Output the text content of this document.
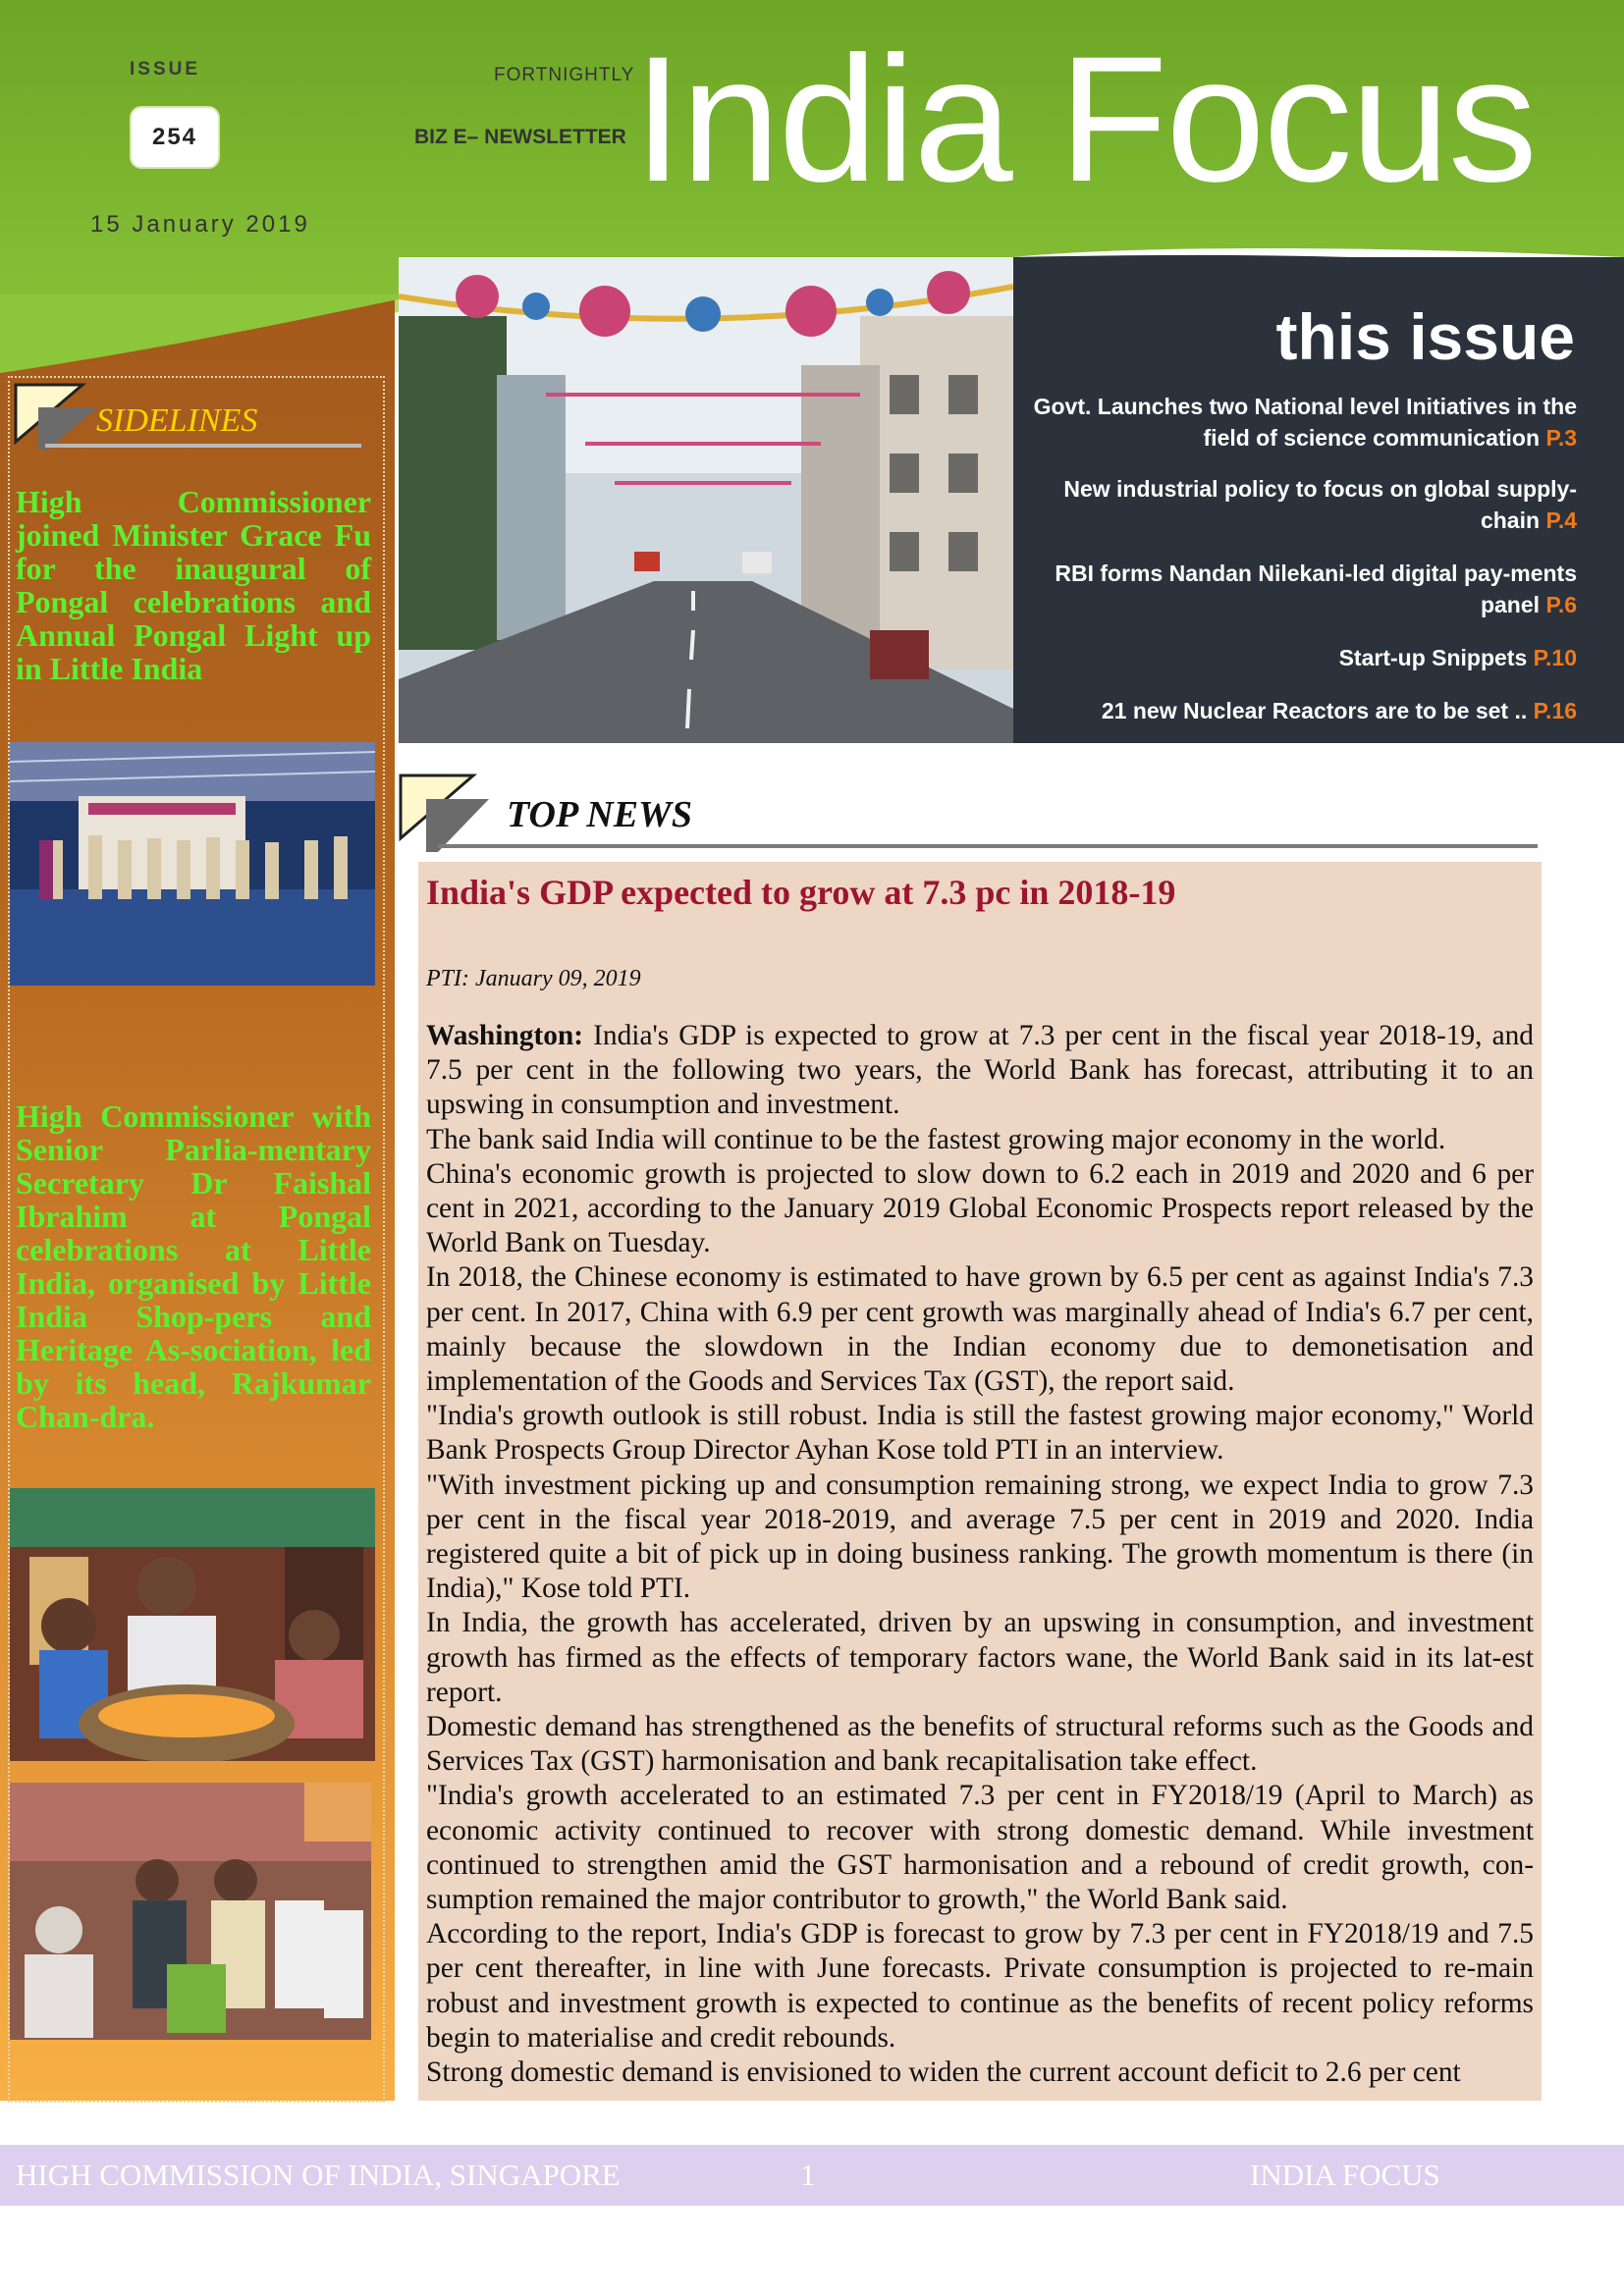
ISSUE
254
15 January 2019
FORTNIGHTLY
BIZ E– NEWSLETTER India Focus
SIDELINES
High Commissioner joined Minister Grace Fu for the inaugural of Pongal celebrations and Annual Pongal Light up in Little India
High Commissioner with Senior Parlia-mentary Secretary Dr Faishal Ibrahim at Pongal celebrations at Little India, organised by Little India Shop-pers and Heritage As-sociation, led by its head, Rajkumar Chan-dra.
this issue
Govt. Launches two National level Initiatives in the field of science communication P.3
New industrial policy to focus on global supply-chain P.4
RBI forms Nandan Nilekani-led digital pay-ments panel P.6
Start-up Snippets P.10
21 new Nuclear Reactors are to be set .. P.16
TOP NEWS
India's GDP expected to grow at 7.3 pc in 2018-19
PTI: January 09, 2019

Washington: India's GDP is expected to grow at 7.3 per cent in the fiscal year 2018-19, and 7.5 per cent in the following two years, the World Bank has forecast, attributing it to an upswing in consumption and investment.

The bank said India will continue to be the fastest growing major economy in the world.

China's economic growth is projected to slow down to 6.2 each in 2019 and 2020 and 6 per cent in 2021, according to the January 2019 Global Economic Prospects report released by the World Bank on Tuesday.

In 2018, the Chinese economy is estimated to have grown by 6.5 per cent as against India's 7.3 per cent. In 2017, China with 6.9 per cent growth was marginally ahead of India's 6.7 per cent, mainly because the slowdown in the Indian economy due to demonetisation and implementation of the Goods and Services Tax (GST), the report said.

"India's growth outlook is still robust. India is still the fastest growing major economy," World Bank Prospects Group Director Ayhan Kose told PTI in an interview.

"With investment picking up and consumption remaining strong, we expect India to grow 7.3 per cent in the fiscal year 2018-2019, and average 7.5 per cent in 2019 and 2020. India registered quite a bit of pick up in doing business ranking. The growth momentum is there (in India)," Kose told PTI.

In India, the growth has accelerated, driven by an upswing in consumption, and investment growth has firmed as the effects of temporary factors wane, the World Bank said in its lat-est report.

Domestic demand has strengthened as the benefits of structural reforms such as the Goods and Services Tax (GST) harmonisation and bank recapitalisation take effect.

"India's growth accelerated to an estimated 7.3 per cent in FY2018/19 (April to March) as economic activity continued to recover with strong domestic demand. While investment continued to strengthen amid the GST harmonisation and a rebound of credit growth, con-sumption remained the major contributor to growth," the World Bank said.

According to the report, India's GDP is forecast to grow by 7.3 per cent in FY2018/19 and 7.5 per cent thereafter, in line with June forecasts. Private consumption is projected to re-main robust and investment growth is expected to continue as the benefits of recent policy reforms begin to materialise and credit rebounds.

Strong domestic demand is envisioned to widen the current account deficit to 2.6 per cent

HIGH COMMISSION OF INDIA, SINGAPORE	1	INDIA FOCUS
